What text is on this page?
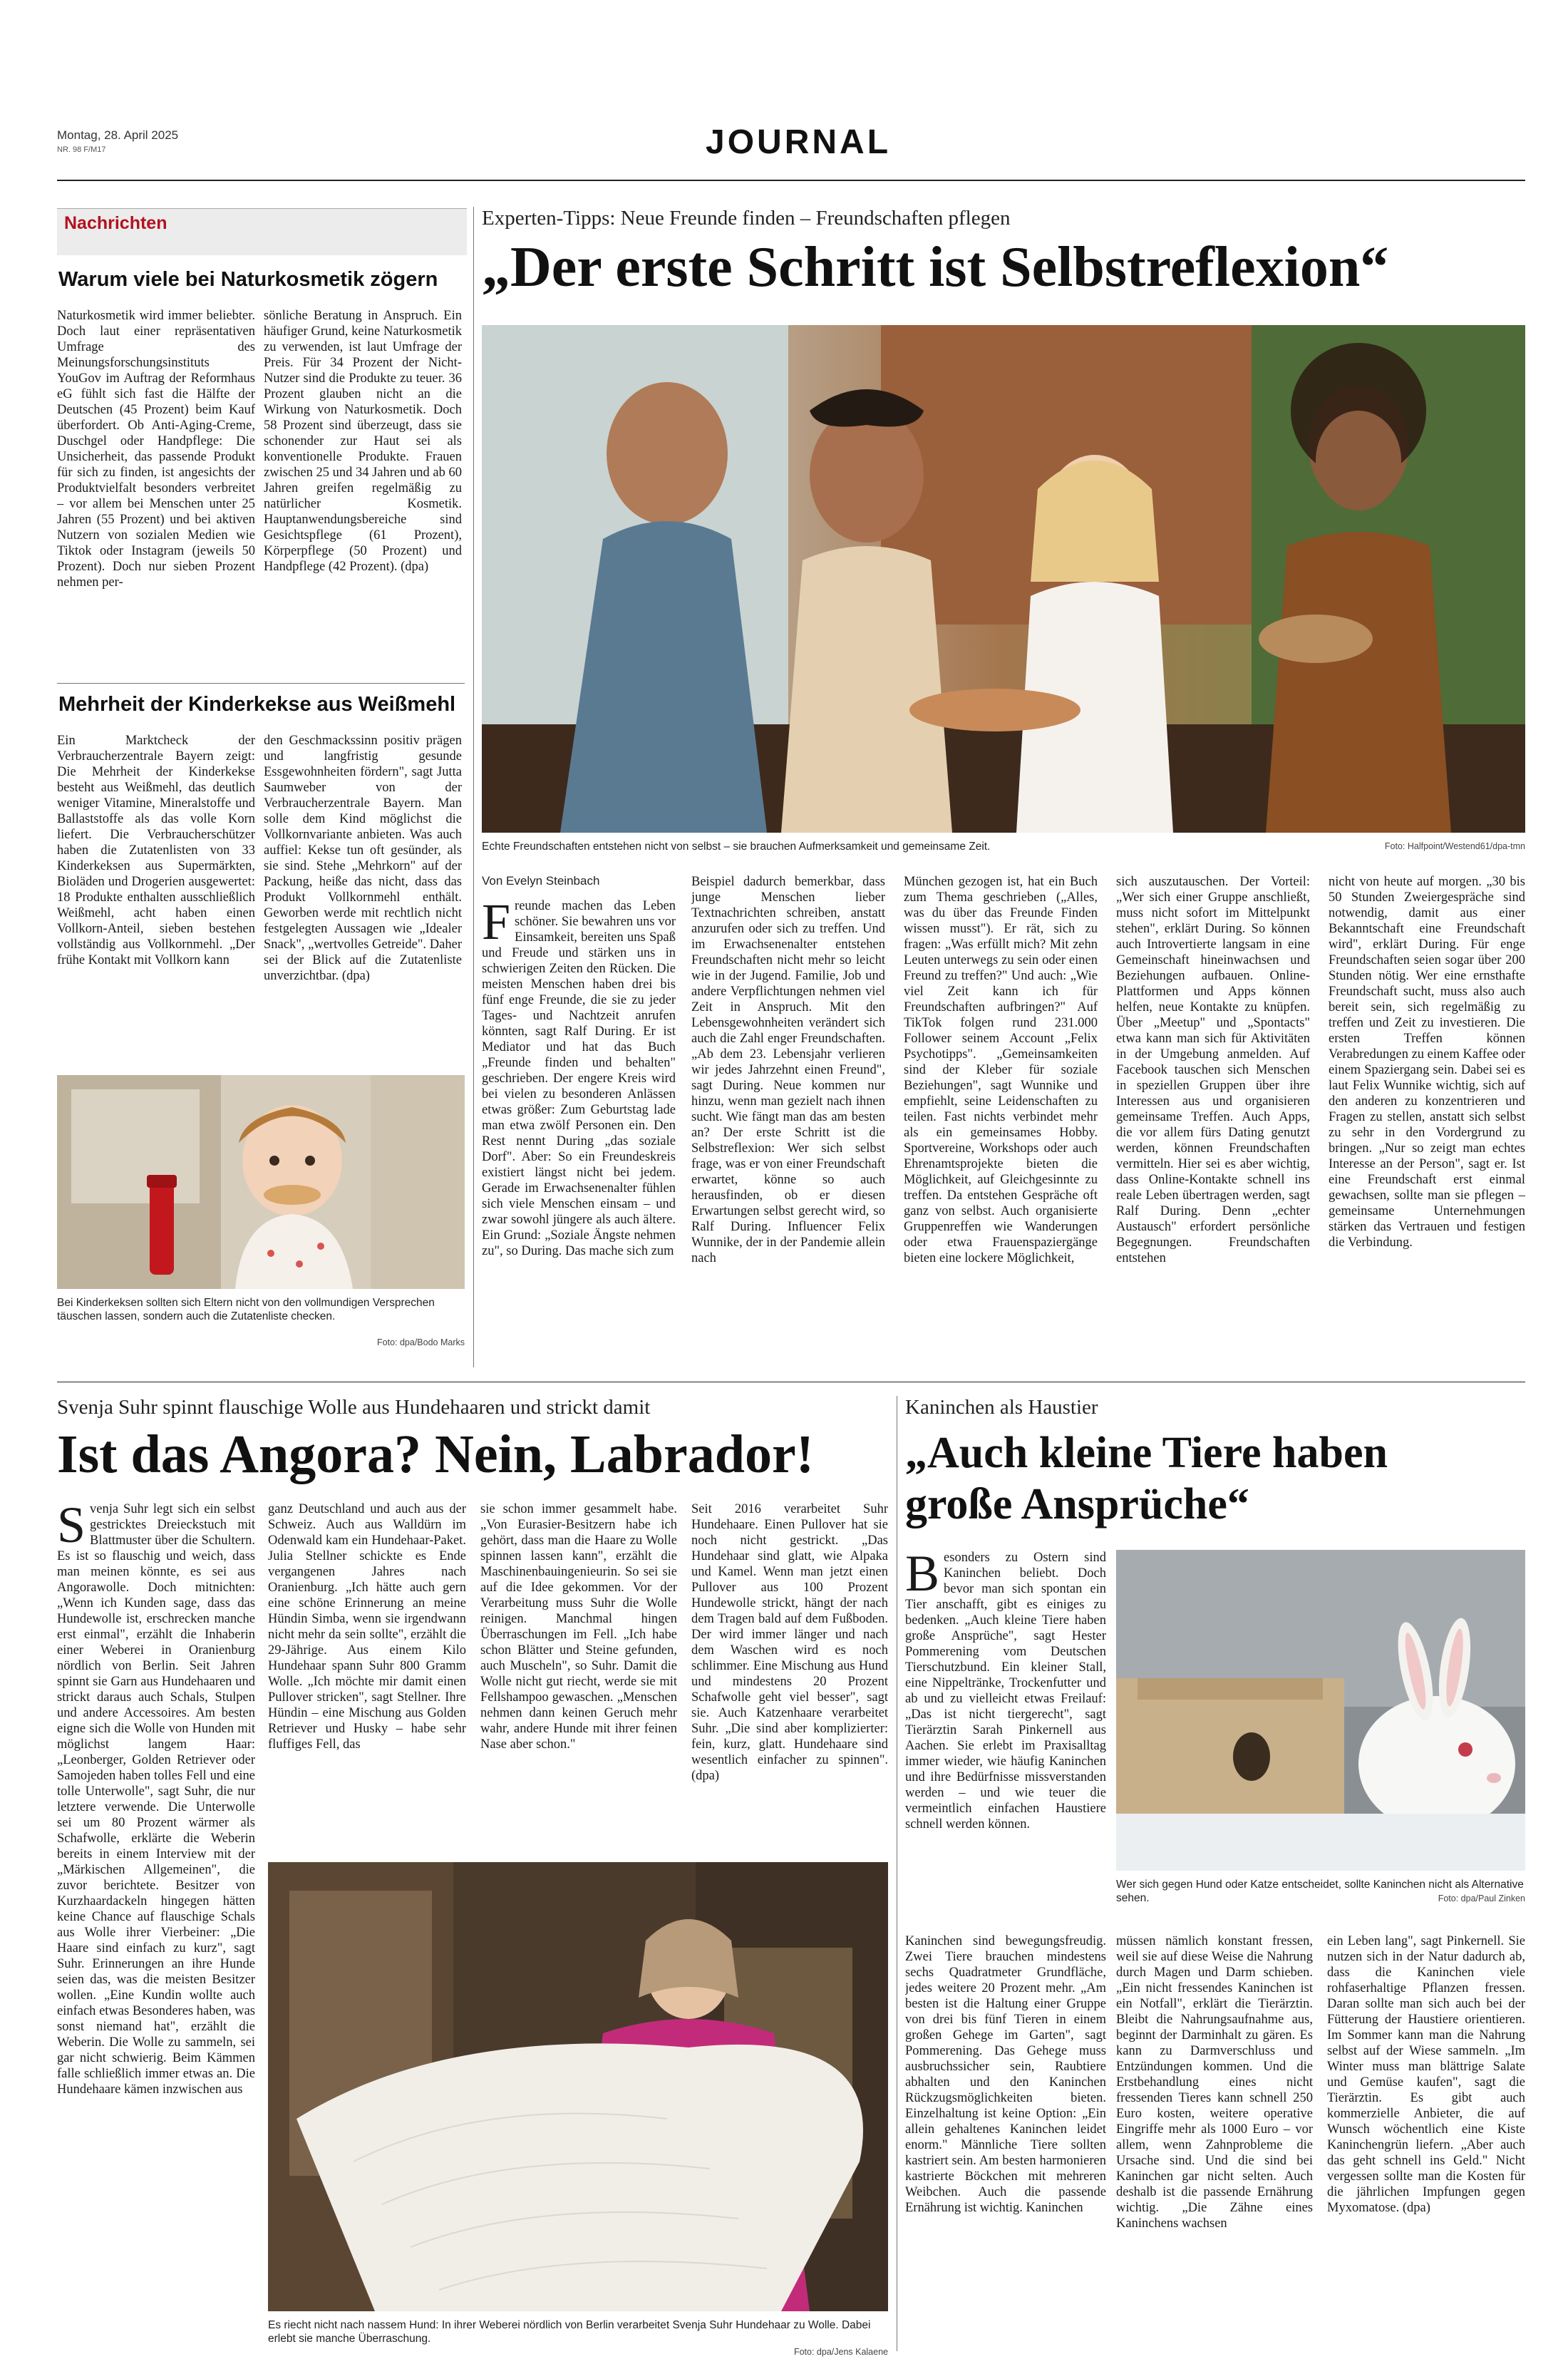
Montag, 28. April 2025
NR. 98 F/M17	JOURNAL
Nachrichten
Warum viele bei Naturkosmetik zögern

Naturkosmetik wird immer beliebter. Doch laut einer repräsentativen Umfrage des Meinungsforschungsinstituts YouGov im Auftrag der Reformhaus eG fühlt sich fast die Hälfte der Deutschen (45 Prozent) beim Kauf überfordert. Ob Anti-Aging-Creme, Duschgel oder Handpflege: Die Unsicherheit, das passende Produkt für sich zu finden, ist angesichts der Produktvielfalt besonders verbreitet – vor allem bei Menschen unter 25 Jahren (55 Prozent) und bei aktiven Nutzern von sozialen Medien wie Tiktok oder Instagram (jeweils 50 Prozent). Doch nur sieben Prozent nehmen per-

sönliche Beratung in Anspruch. Ein häufiger Grund, keine Naturkosmetik zu verwenden, ist laut Umfrage der Preis. Für 34 Prozent der Nicht-Nutzer sind die Produkte zu teuer. 36 Prozent glauben nicht an die Wirkung von Naturkosmetik. Doch 58 Prozent sind überzeugt, dass sie schonender zur Haut sei als konventionelle Produkte. Frauen zwischen 25 und 34 Jahren und ab 60 Jahren greifen regelmäßig zu natürlicher Kosmetik. Hauptanwendungsbereiche sind Gesichtspflege (61 Prozent), Körperpflege (50 Prozent) und Handpflege (42 Prozent). (dpa)

Mehrheit der Kinderkekse aus Weißmehl

Ein Marktcheck der Verbraucherzentrale Bayern zeigt: Die Mehrheit der Kinderkekse besteht aus Weißmehl, das deutlich weniger Vitamine, Mineralstoffe und Ballaststoffe als das volle Korn liefert. Die Verbraucherschützer haben die Zutatenlisten von 33 Kinderkeksen aus Supermärkten, Bioläden und Drogerien ausgewertet: 18 Produkte enthalten ausschließlich Weißmehl, acht haben einen Vollkorn-Anteil, sieben bestehen vollständig aus Vollkornmehl. „Der frühe Kontakt mit Vollkorn kann

den Geschmackssinn positiv prägen und langfristig gesunde Essgewohnheiten fördern", sagt Jutta Saumweber von der Verbraucherzentrale Bayern. Man solle dem Kind möglichst die Vollkornvariante anbieten. Was auch auffiel: Kekse tun oft gesünder, als sie sind. Stehe „Mehrkorn" auf der Packung, heiße das nicht, dass das Produkt Vollkornmehl enthält. Geworben werde mit rechtlich nicht festgelegten Aussagen wie „Idealer Snack", „wertvolles Getreide". Daher sei der Blick auf die Zutatenliste unverzichtbar. (dpa)

Bei Kinderkeksen sollten sich Eltern nicht von den vollmundigen Versprechen täuschen lassen, sondern auch die Zutatenliste checken.
Foto: dpa/Bodo Marks
Experten-Tipps: Neue Freunde finden – Freundschaften pflegen
„Der erste Schritt ist Selbstreflexion“
Echte Freundschaften entstehen nicht von selbst – sie brauchen Aufmerksamkeit und gemeinsame Zeit.	Foto: Halfpoint/Westend61/dpa-tmn
Von Evelyn Steinbach
F reunde machen das Leben schöner. Sie bewahren uns vor Einsamkeit, bereiten uns Spaß und Freude und stärken uns in schwierigen Zeiten den Rücken. Die meisten Menschen haben drei bis fünf enge Freunde, die sie zu jeder Tages- und Nachtzeit anrufen könnten, sagt Ralf During. Er ist Mediator und hat das Buch „Freunde finden und behalten" geschrieben. Der engere Kreis wird bei vielen zu besonderen Anlässen etwas größer: Zum Geburtstag lade man etwa zwölf Personen ein. Den Rest nennt During „das soziale Dorf". Aber: So ein Freundeskreis existiert längst nicht bei jedem. Gerade im Erwachsenenalter fühlen sich viele Menschen einsam – und zwar sowohl jüngere als auch ältere. Ein Grund: „Soziale Ängste nehmen zu", so During. Das mache sich zum

Beispiel dadurch bemerkbar, dass junge Menschen lieber Textnachrichten schreiben, anstatt anzurufen oder sich zu treffen. Und im Erwachsenenalter entstehen Freundschaften nicht mehr so leicht wie in der Jugend. Familie, Job und andere Verpflichtungen nehmen viel Zeit in Anspruch. Mit den Lebensgewohnheiten verändert sich auch die Zahl enger Freundschaften. „Ab dem 23. Lebensjahr verlieren wir jedes Jahrzehnt einen Freund", sagt During. Neue kommen nur hinzu, wenn man gezielt nach ihnen sucht. Wie fängt man das am besten an? Der erste Schritt ist die Selbstreflexion: Wer sich selbst frage, was er von einer Freundschaft erwartet, könne so auch herausfinden, ob er diesen Erwartungen selbst gerecht wird, so Ralf During. Influencer Felix Wunnike, der in der Pandemie allein nach

München gezogen ist, hat ein Buch zum Thema geschrieben („Alles, was du über das Freunde Finden wissen musst"). Er rät, sich zu fragen: „Was erfüllt mich? Mit zehn Leuten unterwegs zu sein oder einen Freund zu treffen?" Und auch: „Wie viel Zeit kann ich für Freundschaften aufbringen?" Auf TikTok folgen rund 231.000 Follower seinem Account „Felix Psychotipps". „Gemeinsamkeiten sind der Kleber für soziale Beziehungen", sagt Wunnike und empfiehlt, seine Leidenschaften zu teilen. Fast nichts verbindet mehr als ein gemeinsames Hobby. Sportvereine, Workshops oder auch Ehrenamtsprojekte bieten die Möglichkeit, auf Gleichgesinnte zu treffen. Da entstehen Gespräche oft ganz von selbst. Auch organisierte Gruppenreffen wie Wanderungen oder etwa Frauenspaziergänge bieten eine lockere Möglichkeit,

sich auszutauschen. Der Vorteil: „Wer sich einer Gruppe anschließt, muss nicht sofort im Mittelpunkt stehen", erklärt During. So können auch Introvertierte langsam in eine Gemeinschaft hineinwachsen und Beziehungen aufbauen. Online-Plattformen und Apps können helfen, neue Kontakte zu knüpfen. Über „Meetup" und „Spontacts" etwa kann man sich für Aktivitäten in der Umgebung anmelden. Auf Facebook tauschen sich Menschen in speziellen Gruppen über ihre Interessen aus und organisieren gemeinsame Treffen. Auch Apps, die vor allem fürs Dating genutzt werden, können Freundschaften vermitteln. Hier sei es aber wichtig, dass Online-Kontakte schnell ins reale Leben übertragen werden, sagt Ralf During. Denn „echter Austausch" erfordert persönliche Begegnungen. Freundschaften entstehen

nicht von heute auf morgen. „30 bis 50 Stunden Zweiergespräche sind notwendig, damit aus einer Bekanntschaft eine Freundschaft wird", erklärt During. Für enge Freundschaften seien sogar über 200 Stunden nötig. Wer eine ernsthafte Freundschaft sucht, muss also auch bereit sein, sich regelmäßig zu treffen und Zeit zu investieren. Die ersten Treffen können Verabredungen zu einem Kaffee oder einem Spaziergang sein. Dabei sei es laut Felix Wunnike wichtig, sich auf den anderen zu konzentrieren und Fragen zu stellen, anstatt sich selbst zu sehr in den Vordergrund zu bringen. „Nur so zeigt man echtes Interesse an der Person", sagt er. Ist eine Freundschaft erst einmal gewachsen, sollte man sie pflegen – gemeinsame Unternehmungen stärken das Vertrauen und festigen die Verbindung.

Svenja Suhr spinnt flauschige Wolle aus Hundehaaren und strickt damit
Ist das Angora? Nein, Labrador!
S venja Suhr legt sich ein selbst gestricktes Dreieckstuch mit Blattmuster über die Schultern. Es ist so flauschig und weich, dass man meinen könnte, es sei aus Angorawolle. Doch mitnichten: „Wenn ich Kunden sage, dass das Hundewolle ist, erschrecken manche erst einmal", erzählt die Inhaberin einer Weberei in Oranienburg nördlich von Berlin. Seit Jahren spinnt sie Garn aus Hundehaaren und strickt daraus auch Schals, Stulpen und andere Accessoires. Am besten eigne sich die Wolle von Hunden mit möglichst langem Haar: „Leonberger, Golden Retriever oder Samojeden haben tolles Fell und eine tolle Unterwolle", sagt Suhr, die nur letztere verwende. Die Unterwolle sei um 80 Prozent wärmer als Schafwolle, erklärte die Weberin bereits in einem Interview mit der „Märkischen Allgemeinen", die zuvor berichtete. Besitzer von Kurzhaardackeln hingegen hätten keine Chance auf flauschige Schals aus Wolle ihrer Vierbeiner: „Die Haare sind einfach zu kurz", sagt Suhr. Erinnerungen an ihre Hunde seien das, was die meisten Besitzer wollen. „Eine Kundin wollte auch einfach etwas Besonderes haben, was sonst niemand hat", erzählt die Weberin. Die Wolle zu sammeln, sei gar nicht schwierig. Beim Kämmen falle schließlich immer etwas an. Die Hundehaare kämen inzwischen aus

ganz Deutschland und auch aus der Schweiz. Auch aus Walldürn im Odenwald kam ein Hundehaar-Paket. Julia Stellner schickte es Ende vergangenen Jahres nach Oranienburg. „Ich hätte auch gern eine schöne Erinnerung an meine Hündin Simba, wenn sie irgendwann nicht mehr da sein sollte", erzählt die 29-Jährige. Aus einem Kilo Hundehaar spann Suhr 800 Gramm Wolle. „Ich möchte mir damit einen Pullover stricken", sagt Stellner. Ihre Hündin – eine Mischung aus Golden Retriever und Husky – habe sehr fluffiges Fell, das

sie schon immer gesammelt habe. „Von Eurasier-Besitzern habe ich gehört, dass man die Haare zu Wolle spinnen lassen kann", erzählt die Maschinenbauingenieurin. So sei sie auf die Idee gekommen. Vor der Verarbeitung muss Suhr die Wolle reinigen. Manchmal hingen Überraschungen im Fell. „Ich habe schon Blätter und Steine gefunden, auch Muscheln", so Suhr. Damit die Wolle nicht gut riecht, werde sie mit Fellshampoo gewaschen. „Menschen nehmen dann keinen Geruch mehr wahr, andere Hunde mit ihrer feinen Nase aber schon."

Seit 2016 verarbeitet Suhr Hundehaare. Einen Pullover hat sie noch nicht gestrickt. „Das Hundehaar sind glatt, wie Alpaka und Kamel. Wenn man jetzt einen Pullover aus 100 Prozent Hundewolle strickt, hängt der nach dem Tragen bald auf dem Fußboden. Der wird immer länger und nach dem Waschen wird es noch schlimmer. Eine Mischung aus Hund und mindestens 20 Prozent Schafwolle geht viel besser", sagt sie. Auch Katzenhaare verarbeitet Suhr. „Die sind aber komplizierter: fein, kurz, glatt. Hundehaare sind wesentlich einfacher zu spinnen". (dpa)

Es riecht nicht nach nassem Hund: In ihrer Weberei nördlich von Berlin verarbeitet Svenja Suhr Hundehaar zu Wolle. Dabei erlebt sie manche Überraschung.
Foto: dpa/Jens Kalaene
Kaninchen als Haustier
„Auch kleine Tiere haben große Ansprüche“
B esonders zu Ostern sind Kaninchen beliebt. Doch bevor man sich spontan ein Tier anschafft, gibt es einiges zu bedenken. „Auch kleine Tiere haben große Ansprüche", sagt Hester Pommerening vom Deutschen Tierschutzbund. Ein kleiner Stall, eine Nippeltränke, Trockenfutter und ab und zu vielleicht etwas Freilauf: „Das ist nicht tiergerecht", sagt Tierärztin Sarah Pinkernell aus Aachen. Sie erlebt im Praxisalltag immer wieder, wie häufig Kaninchen und ihre Bedürfnisse missverstanden werden – und wie teuer die vermeintlich einfachen Haustiere schnell werden können.

Wer sich gegen Hund oder Katze entscheidet, sollte Kaninchen nicht als Alternative sehen.	Foto: dpa/Paul Zinken

Kaninchen sind bewegungsfreudig. Zwei Tiere brauchen mindestens sechs Quadratmeter Grundfläche, jedes weitere 20 Prozent mehr. „Am besten ist die Haltung einer Gruppe von drei bis fünf Tieren in einem großen Gehege im Garten", sagt Pommerening. Das Gehege muss ausbruchssicher sein, Raubtiere abhalten und den Kaninchen Rückzugsmöglichkeiten bieten. Einzelhaltung ist keine Option: „Ein allein gehaltenes Kaninchen leidet enorm." Männliche Tiere sollten kastriert sein. Am besten harmonieren kastrierte Böckchen mit mehreren Weibchen. Auch die passende Ernährung ist wichtig. Kaninchen

müssen nämlich konstant fressen, weil sie auf diese Weise die Nahrung durch Magen und Darm schieben. „Ein nicht fressendes Kaninchen ist ein Notfall", erklärt die Tierärztin. Bleibt die Nahrungsaufnahme aus, beginnt der Darminhalt zu gären. Es kann zu Darmverschluss und Entzündungen kommen. Und die Erstbehandlung eines nicht fressenden Tieres kann schnell 250 Euro kosten, weitere operative Eingriffe mehr als 1000 Euro – vor allem, wenn Zahnprobleme die Ursache sind. Und die sind bei Kaninchen gar nicht selten. Auch deshalb ist die passende Ernährung wichtig. „Die Zähne eines Kaninchens wachsen

ein Leben lang", sagt Pinkernell. Sie nutzen sich in der Natur dadurch ab, dass die Kaninchen viele rohfaserhaltige Pflanzen fressen. Daran sollte man sich auch bei der Fütterung der Haustiere orientieren. Im Sommer kann man die Nahrung selbst auf der Wiese sammeln. „Im Winter muss man blättrige Salate und Gemüse kaufen", sagt die Tierärztin. Es gibt auch kommerzielle Anbieter, die auf Wunsch wöchentlich eine Kiste Kaninchengrün liefern. „Aber auch das geht schnell ins Geld." Nicht vergessen sollte man die Kosten für die jährlichen Impfungen gegen Myxomatose. (dpa)
